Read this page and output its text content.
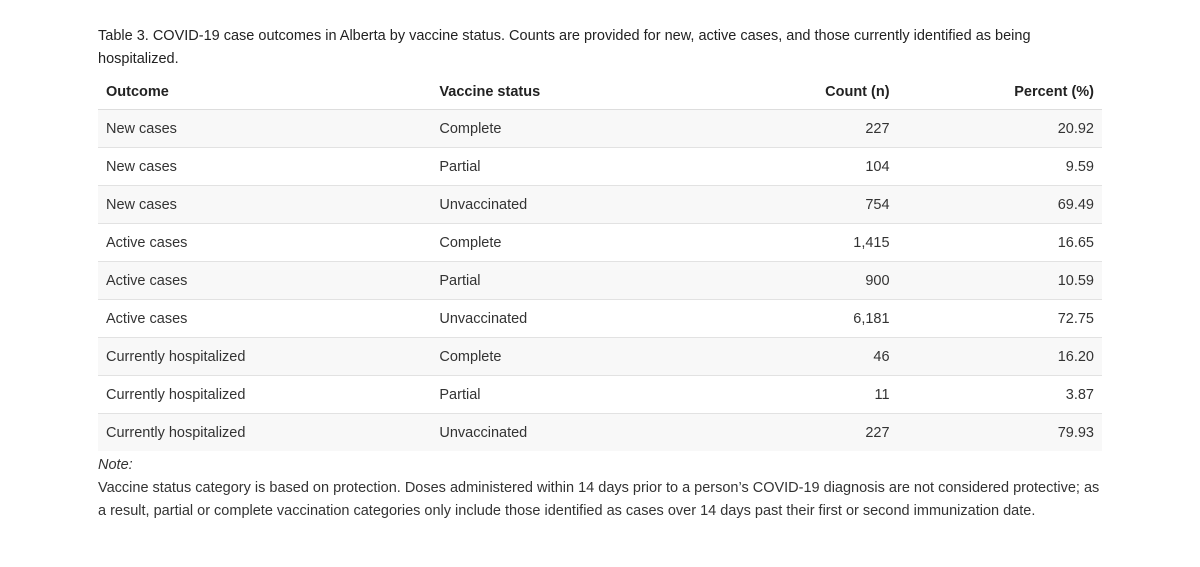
Table 3. COVID-19 case outcomes in Alberta by vaccine status. Counts are provided for new, active cases, and those currently identified as being hospitalized.

Outcome	Vaccine status	Count (n)	Percent (%)
New cases	Complete	227	20.92
New cases	Partial	104	9.59
New cases	Unvaccinated	754	69.49
Active cases	Complete	1,415	16.65
Active cases	Partial	900	10.59
Active cases	Unvaccinated	6,181	72.75
Currently hospitalized	Complete	46	16.20
Currently hospitalized	Partial	11	3.87
Currently hospitalized	Unvaccinated	227	79.93
Note:

Vaccine status category is based on protection. Doses administered within 14 days prior to a person’s COVID-19 diagnosis are not considered protective; as a result, partial or complete vaccination categories only include those identified as cases over 14 days past their first or second immunization date.
